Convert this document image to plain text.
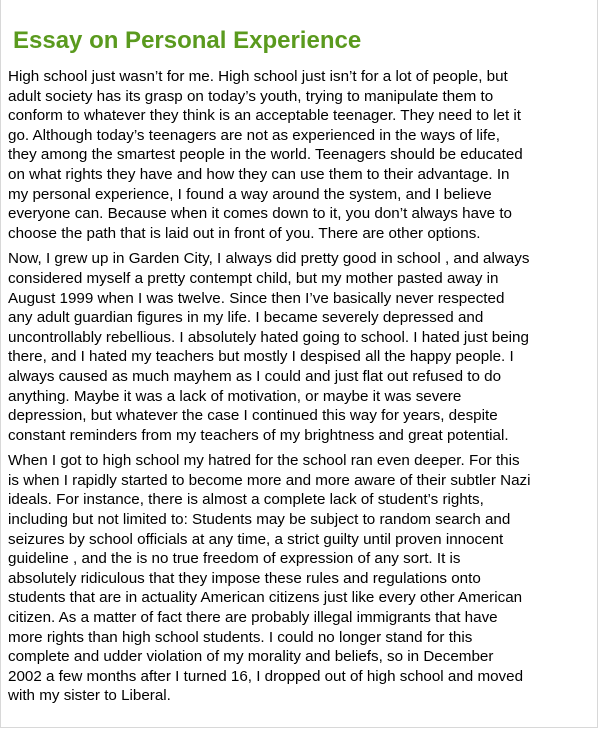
Essay on Personal Experience

High school just wasn’t for me. High school just isn’t for a lot of people, but
adult society has its grasp on today’s youth, trying to manipulate them to
conform to whatever they think is an acceptable teenager. They need to let it
go. Although today’s teenagers are not as experienced in the ways of life,
they among the smartest people in the world. Teenagers should be educated
on what rights they have and how they can use them to their advantage. In
my personal experience, I found a way around the system, and I believe
everyone can. Because when it comes down to it, you don’t always have to
choose the path that is laid out in front of you. There are other options.

Now, I grew up in Garden City, I always did pretty good in school , and always
considered myself a pretty contempt child, but my mother pasted away in
August 1999 when I was twelve. Since then I’ve basically never respected
any adult guardian figures in my life. I became severely depressed and
uncontrollably rebellious. I absolutely hated going to school. I hated just being
there, and I hated my teachers but mostly I despised all the happy people. I
always caused as much mayhem as I could and just flat out refused to do
anything. Maybe it was a lack of motivation, or maybe it was severe
depression, but whatever the case I continued this way for years, despite
constant reminders from my teachers of my brightness and great potential.

When I got to high school my hatred for the school ran even deeper. For this
is when I rapidly started to become more and more aware of their subtler Nazi
ideals. For instance, there is almost a complete lack of student’s rights,
including but not limited to: Students may be subject to random search and
seizures by school officials at any time, a strict guilty until proven innocent
guideline , and the is no true freedom of expression of any sort. It is
absolutely ridiculous that they impose these rules and regulations onto
students that are in actuality American citizens just like every other American
citizen. As a matter of fact there are probably illegal immigrants that have
more rights than high school students. I could no longer stand for this
complete and udder violation of my morality and beliefs, so in December
2002 a few months after I turned 16, I dropped out of high school and moved
with my sister to Liberal.
